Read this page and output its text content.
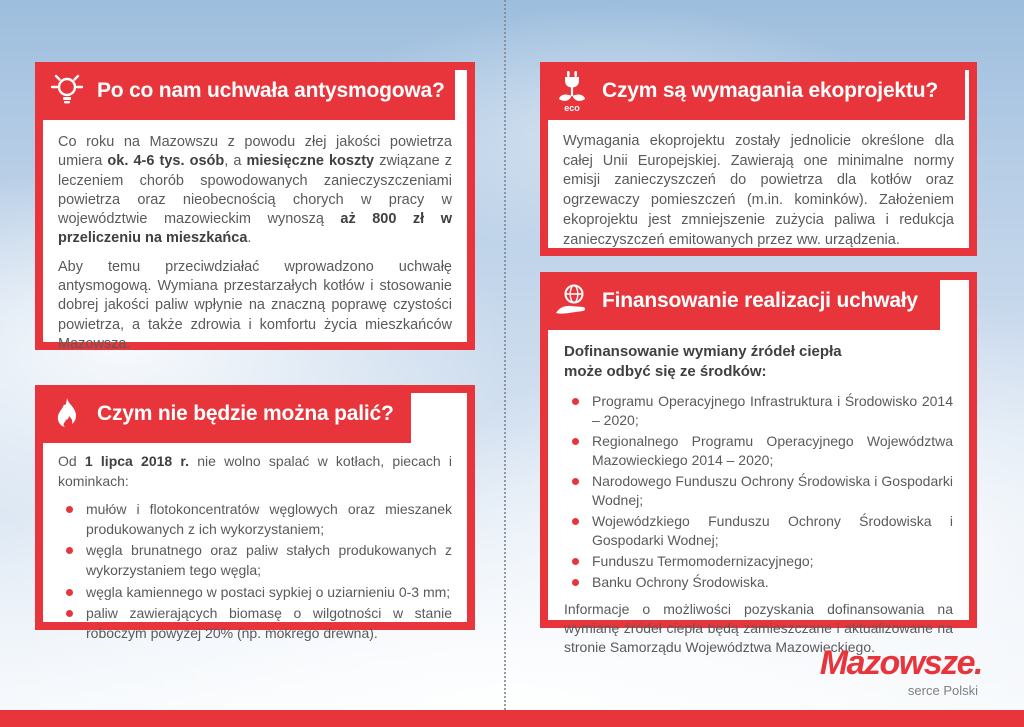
Po co nam uchwała antysmogowa?

Co roku na Mazowszu z powodu złej jakości powietrza umiera ok. 4-6 tys. osób, a miesięczne koszty związane z leczeniem chorób spowodowanych zanieczyszczeniami powietrza oraz nieobecnością chorych w pracy w województwie mazowieckim wynoszą aż 800 zł w przeliczeniu na mieszkańca.

Aby temu przeciwdziałać wprowadzono uchwałę antysmogową. Wymiana przestarzałych kotłów i stosowanie dobrej jakości paliw wpłynie na znaczną poprawę czystości powietrza, a także zdrowia i komfortu życia mieszkańców Mazowsza.

Czym nie będzie można palić?

Od 1 lipca 2018 r. nie wolno spalać w kotłach, piecach i kominkach:

mułów i flotokoncentratów węglowych oraz mieszanek produkowanych z ich wykorzystaniem;
węgla brunatnego oraz paliw stałych produkowanych z wykorzystaniem tego węgla;
węgla kamiennego w postaci sypkiej o uziarnieniu 0-3 mm;
paliw zawierających biomasę o wilgotności w stanie roboczym powyżej 20% (np. mokrego drewna).
eco
Czym są wymagania ekoprojektu?

Wymagania ekoprojektu zostały jednolicie określone dla całej Unii Europejskiej. Zawierają one minimalne normy emisji zanieczyszczeń do powietrza dla kotłów oraz ogrzewaczy pomieszczeń (m.in. kominków). Założeniem ekoprojektu jest zmniejszenie zużycia paliwa i redukcja zanieczyszczeń emitowanych przez ww. urządzenia.

Finansowanie realizacji uchwały

Dofinansowanie wymiany źródeł ciepła
może odbyć się ze środków:

Programu Operacyjnego Infrastruktura i Środowisko 2014 – 2020;
Regionalnego Programu Operacyjnego Województwa Mazowieckiego 2014 – 2020;
Narodowego Funduszu Ochrony Środowiska i Gospodarki Wodnej;
Wojewódzkiego Funduszu Ochrony Środowiska i Gospodarki Wodnej;
Funduszu Termomodernizacyjnego;
Banku Ochrony Środowiska.

Informacje o możliwości pozyskania dofinansowania na wymianę źródeł ciepła będą zamieszczane i aktualizowane na stronie Samorządu Województwa Mazowieckiego.

Mazowsze.
serce Polski
